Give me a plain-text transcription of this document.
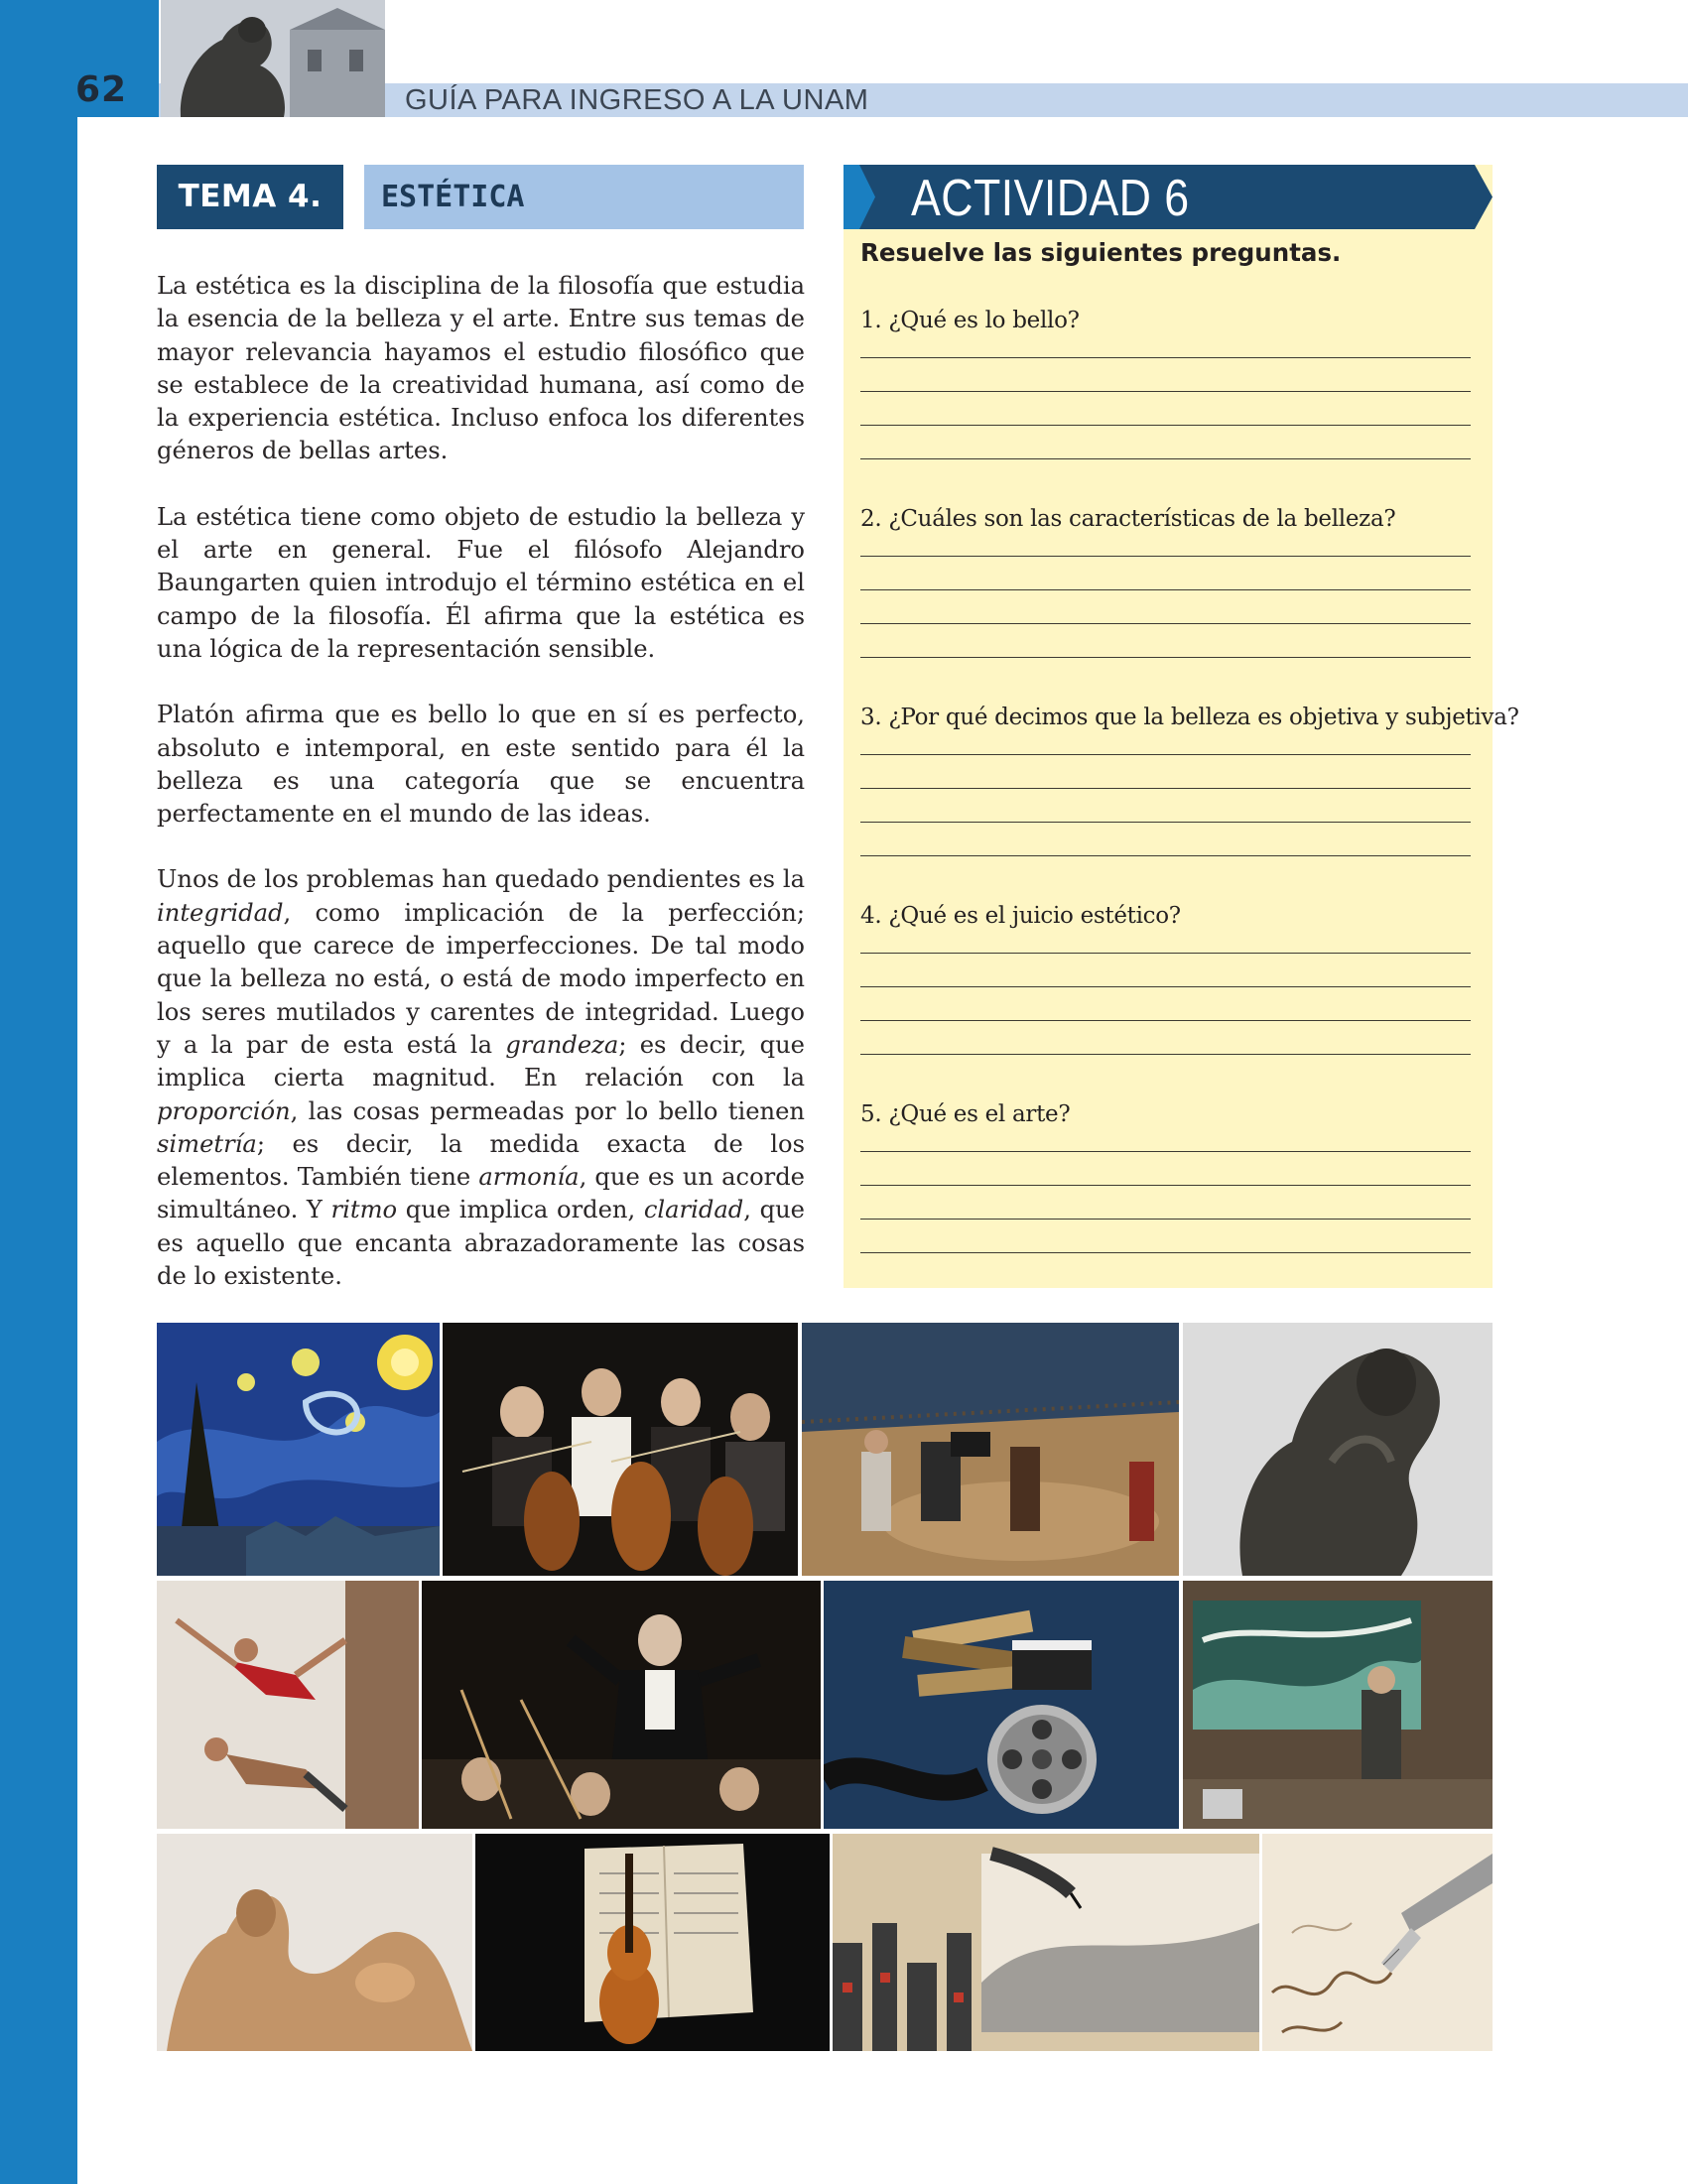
62	GUÍA PARA INGRESO A LA UNAM
TEMA 4.	ESTÉTICA

La estética es la disciplina de la filosofía que estudia la esencia de la belleza y el arte. Entre sus temas de mayor relevancia hayamos el estudio filosófico que se establece de la creatividad humana, así como de la experiencia estética. Incluso enfoca los diferentes géneros de bellas artes.

La estética tiene como objeto de estudio la belleza y el arte en general. Fue el filósofo Alejandro Baungarten quien introdujo el término estética en el campo de la filosofía. Él afirma que la estética es una lógica de la representación sensible.

Platón afirma que es bello lo que en sí es perfecto, absoluto e intemporal, en este sentido para él la belleza es una categoría que se encuentra perfectamente en el mundo de las ideas.

Unos de los problemas han quedado pendientes es la integridad, como implicación de la perfección; aquello que carece de imperfecciones. De tal modo que la belleza no está, o está de modo imperfecto en los seres mutilados y carentes de integridad. Luego y a la par de esta está la grandeza; es decir, que implica cierta magnitud. En relación con la proporción, las cosas permeadas por lo bello tienen simetría; es decir, la medida exacta de los elementos. También tiene armonía, que es un acorde simultáneo. Y ritmo que implica orden, claridad, que es aquello que encanta abrazadoramente las cosas de lo existente.

ACTIVIDAD 6
Resuelve las siguientes preguntas.
1. ¿Qué es lo bello?
2. ¿Cuáles son las características de la belleza?
3. ¿Por qué decimos que la belleza es objetiva y subjetiva?
4. ¿Qué es el juicio estético?
5. ¿Qué es el arte?
